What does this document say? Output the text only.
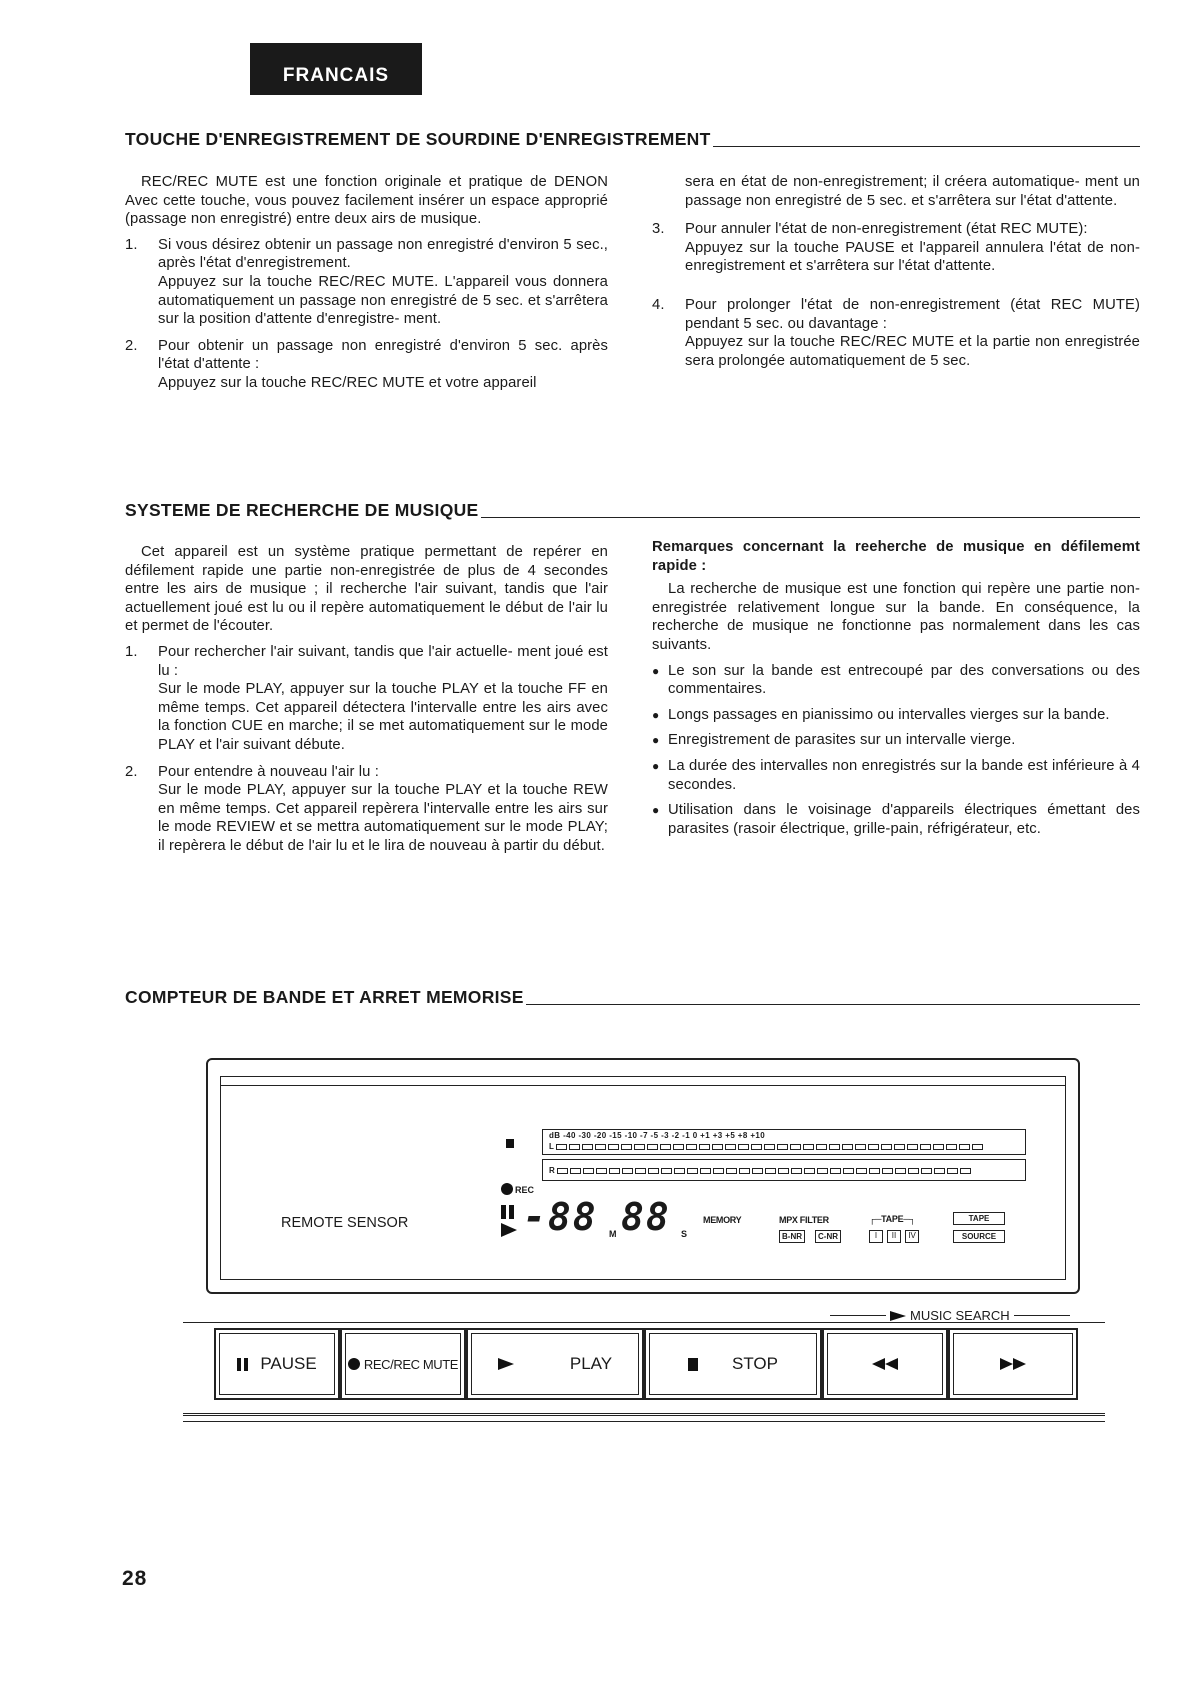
FRANCAIS
TOUCHE D'ENREGISTREMENT DE SOURDINE D'ENREGISTREMENT

REC/REC MUTE est une fonction originale et pratique de DENON Avec cette touche, vous pouvez facilement insérer un espace approprié (passage non enregistré) entre deux airs de musique.

1.	Si vous désirez obtenir un passage non enregistré d'environ 5 sec., après l'état d'enregistrement.
Appuyez sur la touche REC/REC MUTE. L'appareil vous donnera automatiquement un passage non enregistré de 5 sec. et s'arrêtera sur la position d'attente d'enregistre- ment.
2.	Pour obtenir un passage non enregistré d'environ 5 sec. après l'état d'attente :
Appuyez sur la touche REC/REC MUTE et votre appareil

sera en état de non-enregistrement; il créera automatique- ment un passage non enregistré de 5 sec. et s'arrêtera sur l'état d'attente.

3.	Pour annuler l'état de non-enregistrement (état REC MUTE):
Appuyez sur la touche PAUSE et l'appareil annulera l'état de non-enregistrement et s'arrêtera sur l'état d'attente.
4.	Pour prolonger l'état de non-enregistrement (état REC MUTE) pendant 5 sec. ou davantage :
Appuyez sur la touche REC/REC MUTE et la partie non enregistrée sera prolongée automatiquement de 5 sec.
SYSTEME DE RECHERCHE DE MUSIQUE

Cet appareil est un système pratique permettant de repérer en défilement rapide une partie non-enregistrée de plus de 4 secondes entre les airs de musique ; il recherche l'air suivant, tandis que l'air actuellement joué est lu ou il repère automatiquement le début de l'air lu et permet de l'écouter.

1.	Pour rechercher l'air suivant, tandis que l'air actuelle- ment joué est lu :
Sur le mode PLAY, appuyer sur la touche PLAY et la touche FF en même temps. Cet appareil détectera l'intervalle entre les airs avec la fonction CUE en marche; il se met automatiquement sur le mode PLAY et l'air suivant débute.
2.	Pour entendre à nouveau l'air lu :
Sur le mode PLAY, appuyer sur la touche PLAY et la touche REW en même temps. Cet appareil repèrera l'intervalle entre les airs sur le mode REVIEW et se mettra automatiquement sur le mode PLAY; il repèrera le début de l'air lu et le lira de nouveau à partir du début.

Remarques concernant la reeherche de musique en défilememt rapide :

La recherche de musique est une fonction qui repère une partie non-enregistrée relativement longue sur la bande. En conséquence, la recherche de musique ne fonctionne pas normalement dans les cas suivants.

● Le son sur la bande est entrecoupé par des conversations ou des commentaires.
● Longs passages en pianissimo ou intervalles vierges sur la bande.
● Enregistrement de parasites sur un intervalle vierge.
● La durée des intervalles non enregistrés sur la bande est inférieure à 4 secondes.
● Utilisation dans le voisinage d'appareils électriques émettant des parasites (rasoir électrique, grille-pain, réfrigérateur, etc.
COMPTEUR DE BANDE ET ARRET MEMORISE
REMOTE SENSOR
dB -40 -30 -20 -15 -10 -7 -5 -3 -2 -1 0 +1 +3 +5 +8 +10
L
R
REC
-88 M 88 S
MEMORY	MPX FILTER
B-NR	C-NR
┌─TAPE─┐
I	II	IV
TAPE
SOURCE
MUSIC SEARCH
PAUSE	REC/REC MUTE	PLAY	STOP
28
